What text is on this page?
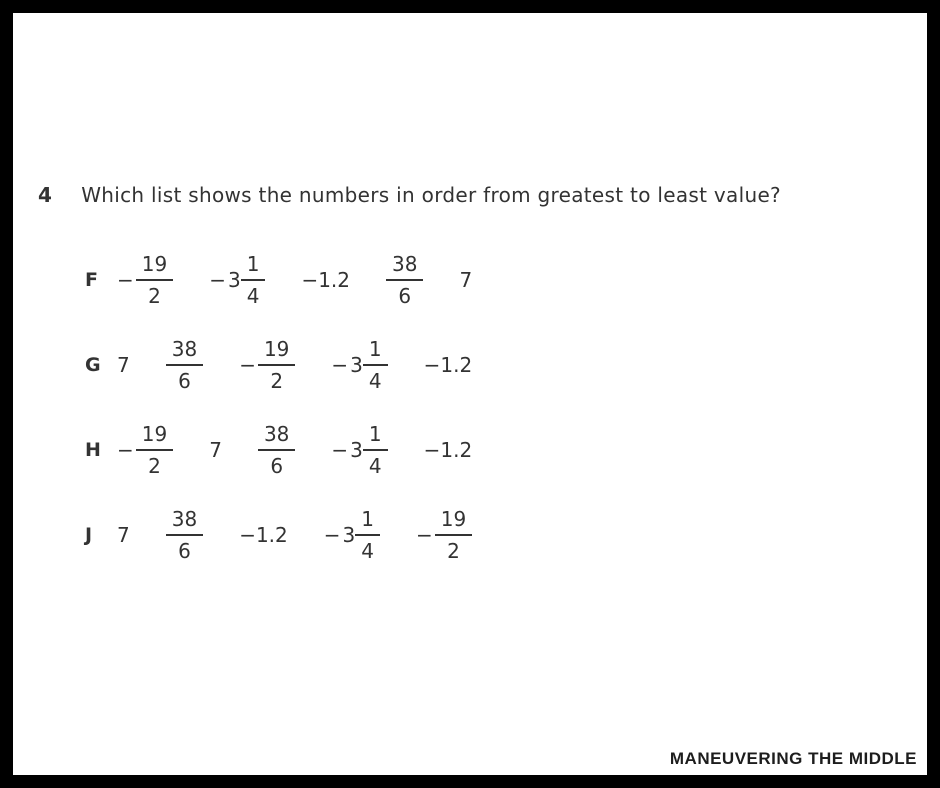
4 Which list shows the numbers in order from greatest to least value?
$F - \frac{19}{2} - 3 \frac{1}{4} -1.2 \frac{38}{6} 7$
G $7 \frac{38}{6} - \frac{19}{2} - 3 \frac{1}{4} -1.2$
$H - \frac{19}{2} 7 \frac{38}{6} - 3 \frac{1}{4} -1.2$
J	$7 \frac{38}{6} -1.2 - 3 \frac{1}{4} - \frac{19}{2}$
MANEUVERING THE MIDDLE
